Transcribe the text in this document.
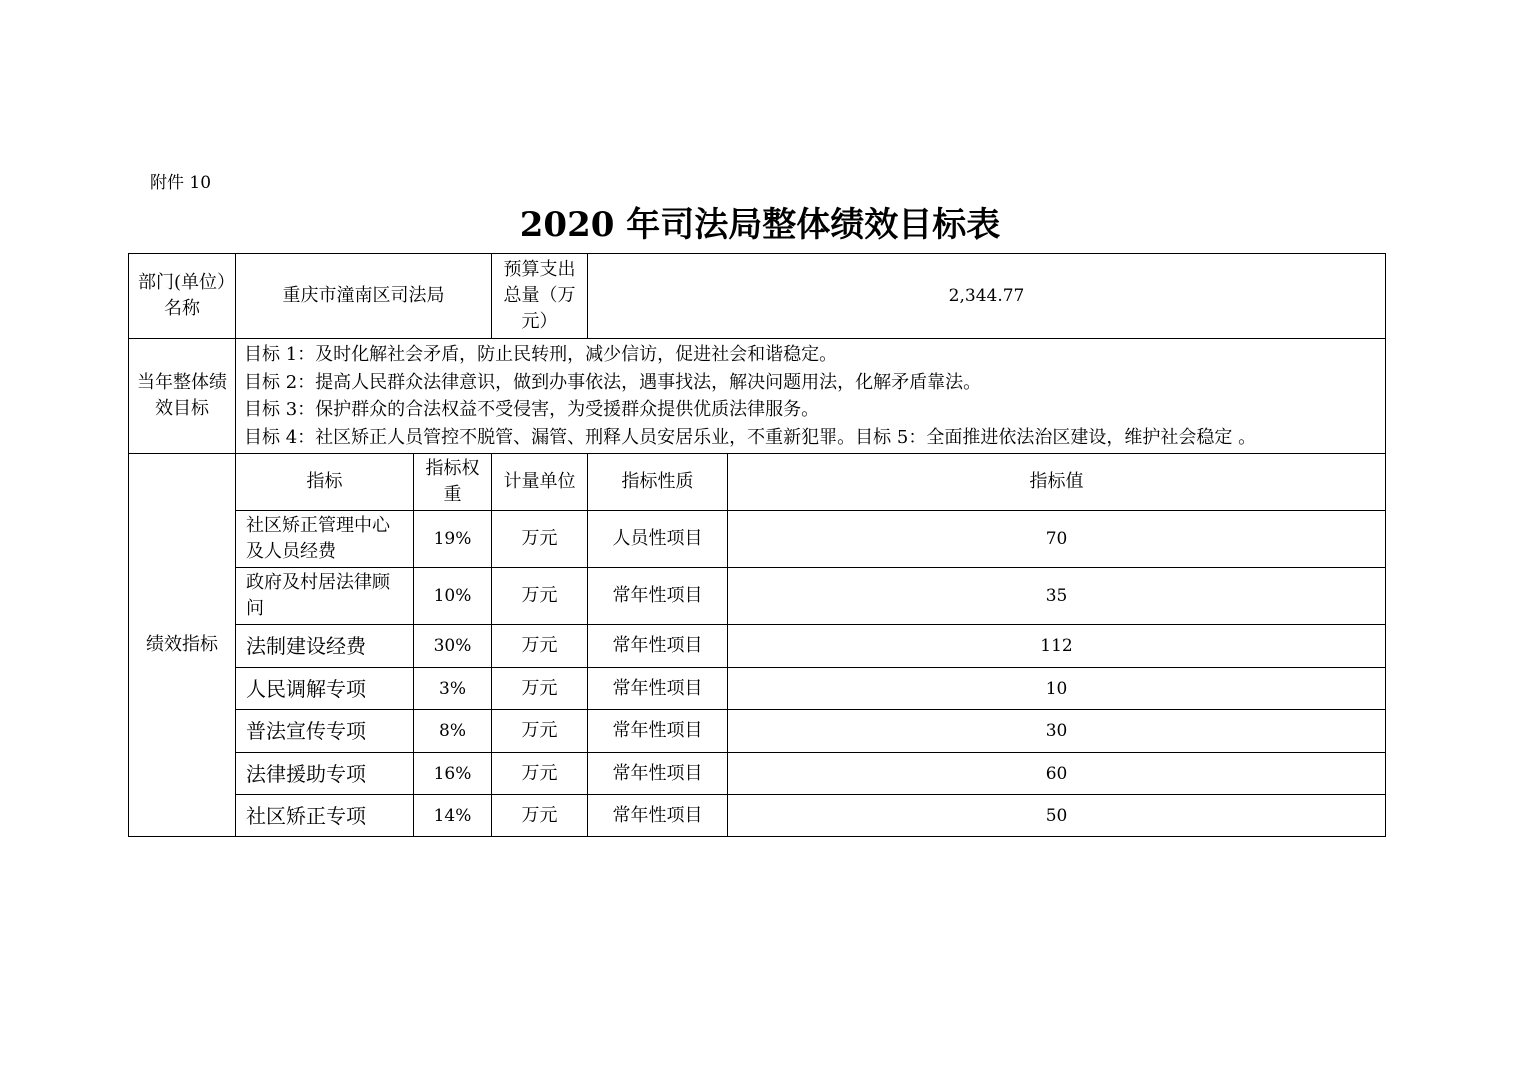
附件 10
2020 年司法局整体绩效目标表
部门(单位）名称	重庆市潼南区司法局		预算支出总量（万元）	2,344.77	
当年整体绩效目标	目标 1：及时化解社会矛盾，防止民转刑，减少信访，促进社会和谐稳定。
目标 2：提高人民群众法律意识，做到办事依法，遇事找法，解决问题用法，化解矛盾靠法。
目标 3：保护群众的合法权益不受侵害，为受援群众提供优质法律服务。
目标 4：社区矫正人员管控不脱管、漏管、刑释人员安居乐业，不重新犯罪。目标 5：全面推进依法治区建设，维护社会稳定 。				

绩效指标	指标	指标权重	计量单位	指标性质	指标值
	社区矫正管理中心及人员经费	19%	万元	人员性项目	70
	政府及村居法律顾问	10%	万元	常年性项目	35
	法制建设经费	30%	万元	常年性项目	112
	人民调解专项	3%	万元	常年性项目	10
	普法宣传专项	8%	万元	常年性项目	30
	法律援助专项	16%	万元	常年性项目	60
	社区矫正专项	14%	万元	常年性项目	50
